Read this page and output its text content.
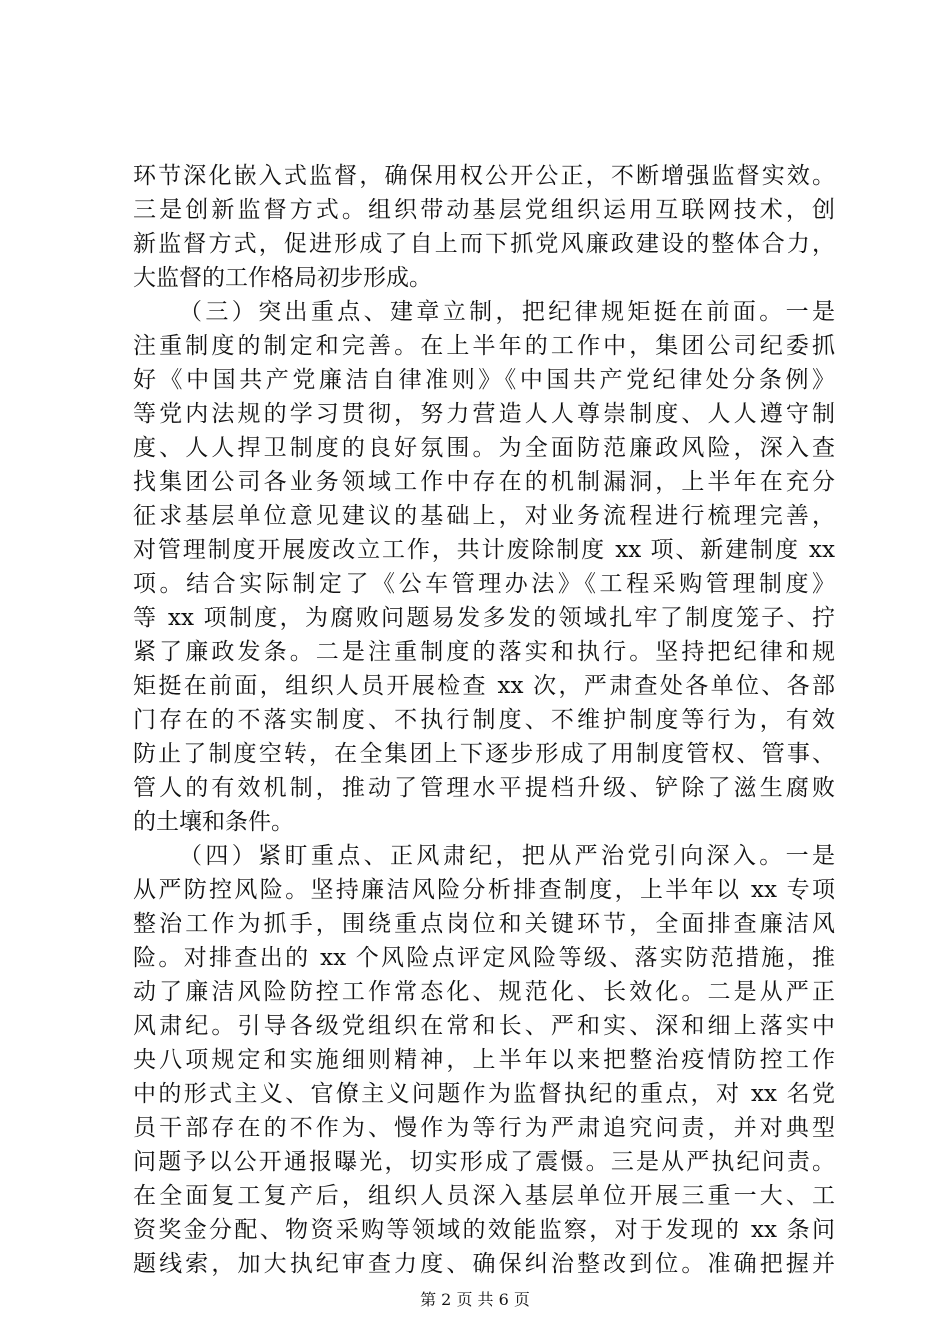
环节深化嵌入式监督，确保用权公开公正，不断增强监督实效。
三是创新监督方式。组织带动基层党组织运用互联网技术，创
新监督方式，促进形成了自上而下抓党风廉政建设的整体合力，
大监督的工作格局初步形成。
（三）突出重点、建章立制，把纪律规矩挺在前面。一是
注重制度的制定和完善。在上半年的工作中，集团公司纪委抓
好《中国共产党廉洁自律准则》《中国共产党纪律处分条例》
等党内法规的学习贯彻，努力营造人人尊崇制度、人人遵守制
度、人人捍卫制度的良好氛围。为全面防范廉政风险，深入查
找集团公司各业务领域工作中存在的机制漏洞，上半年在充分
征求基层单位意见建议的基础上，对业务流程进行梳理完善，
对管理制度开展废改立工作，共计废除制度 xx 项、新建制度 xx
项。结合实际制定了《公车管理办法》《工程采购管理制度》
等 xx 项制度，为腐败问题易发多发的领域扎牢了制度笼子、拧
紧了廉政发条。二是注重制度的落实和执行。坚持把纪律和规
矩挺在前面，组织人员开展检查 xx 次，严肃查处各单位、各部
门存在的不落实制度、不执行制度、不维护制度等行为，有效
防止了制度空转，在全集团上下逐步形成了用制度管权、管事、
管人的有效机制，推动了管理水平提档升级、铲除了滋生腐败
的土壤和条件。
（四）紧盯重点、正风肃纪，把从严治党引向深入。一是
从严防控风险。坚持廉洁风险分析排查制度，上半年以 xx 专项
整治工作为抓手，围绕重点岗位和关键环节，全面排查廉洁风
险。对排查出的 xx 个风险点评定风险等级、落实防范措施，推
动了廉洁风险防控工作常态化、规范化、长效化。二是从严正
风肃纪。引导各级党组织在常和长、严和实、深和细上落实中
央八项规定和实施细则精神，上半年以来把整治疫情防控工作
中的形式主义、官僚主义问题作为监督执纪的重点，对 xx 名党
员干部存在的不作为、慢作为等行为严肃追究问责，并对典型
问题予以公开通报曝光，切实形成了震慑。三是从严执纪问责。
在全面复工复产后，组织人员深入基层单位开展三重一大、工
资奖金分配、物资采购等领域的效能监察，对于发现的 xx 条问
题线索，加大执纪审查力度、确保纠治整改到位。准确把握并
第 2 页 共 6 页
